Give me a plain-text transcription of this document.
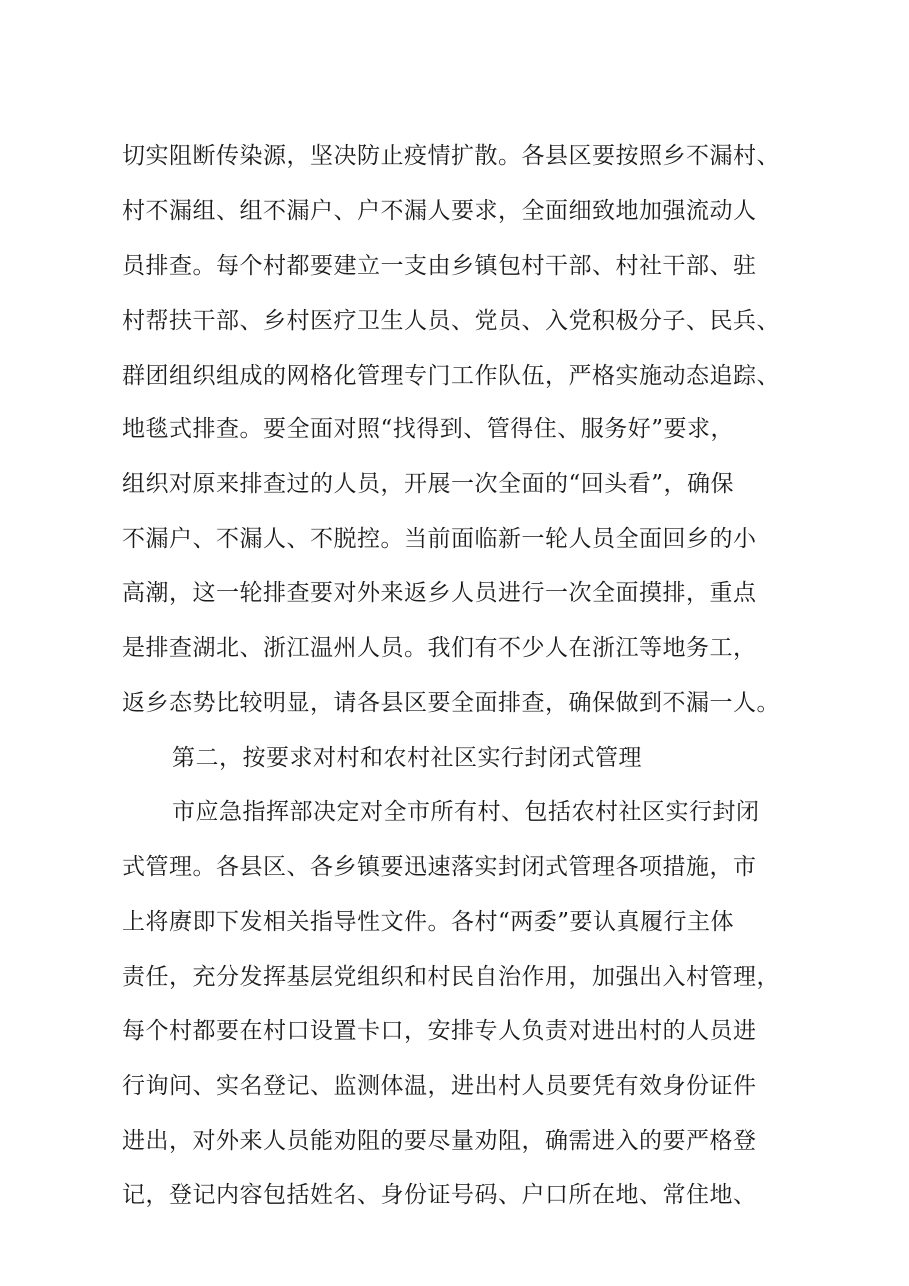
切实阻断传染源，坚决防止疫情扩散。各县区要按照乡不漏村、
村不漏组、组不漏户、户不漏人要求，全面细致地加强流动人
员排查。每个村都要建立一支由乡镇包村干部、村社干部、驻
村帮扶干部、乡村医疗卫生人员、党员、入党积极分子、民兵、
群团组织组成的网格化管理专门工作队伍，严格实施动态追踪、
地毯式排查。要全面对照“找得到、管得住、服务好”要求，
组织对原来排查过的人员，开展一次全面的“回头看”，确保
不漏户、不漏人、不脱控。当前面临新一轮人员全面回乡的小
高潮，这一轮排查要对外来返乡人员进行一次全面摸排，重点
是排查湖北、浙江温州人员。我们有不少人在浙江等地务工，
返乡态势比较明显，请各县区要全面排查，确保做到不漏一人。
第二，按要求对村和农村社区实行封闭式管理
市应急指挥部决定对全市所有村、包括农村社区实行封闭
式管理。各县区、各乡镇要迅速落实封闭式管理各项措施，市
上将赓即下发相关指导性文件。各村“两委”要认真履行主体
责任，充分发挥基层党组织和村民自治作用，加强出入村管理，
每个村都要在村口设置卡口，安排专人负责对进出村的人员进
行询问、实名登记、监测体温，进出村人员要凭有效身份证件
进出，对外来人员能劝阻的要尽量劝阻，确需进入的要严格登
记，登记内容包括姓名、身份证号码、户口所在地、常住地、
